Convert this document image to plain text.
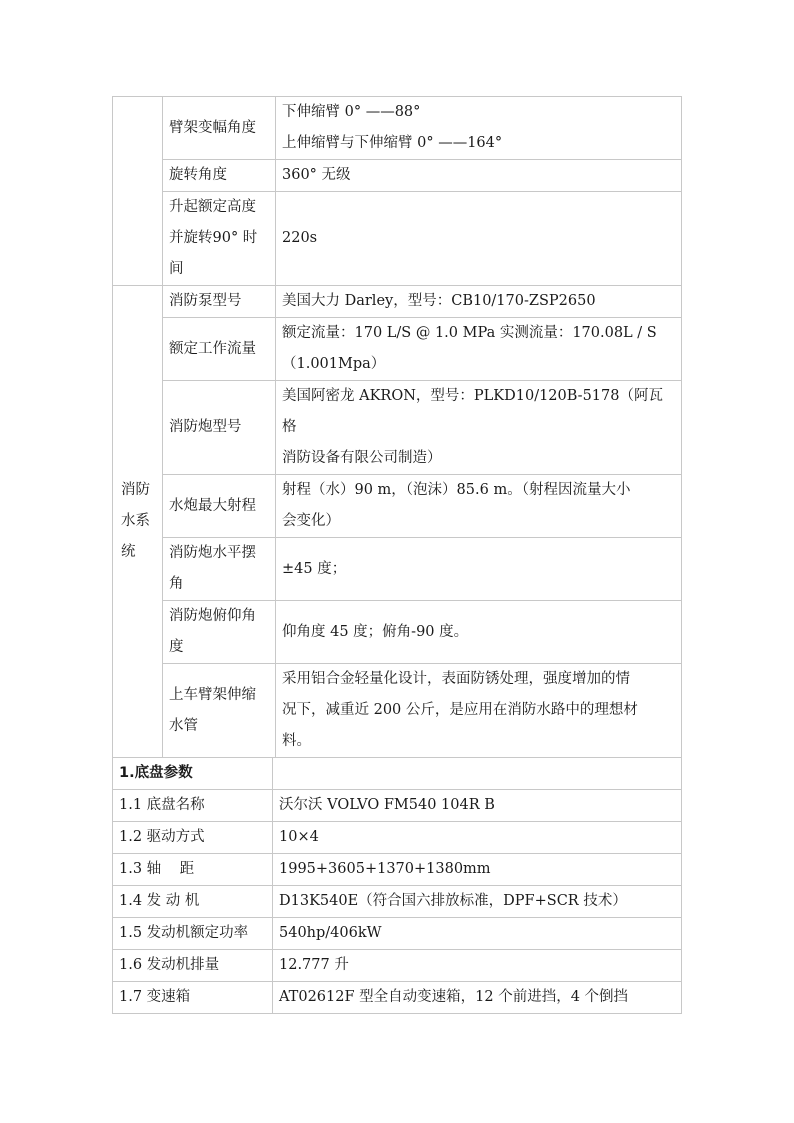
	臂架变幅角度	下伸缩臂 0° ——88°
上伸缩臂与下伸缩臂 0° ——164°

	旋转角度	360° 无级

	升起额定高度
并旋转90° 时
间	220s

消防
水系
统	消防泵型号	美国大力 Darley，型号：CB10/170-ZSP2650
	额定工作流量	额定流量：170 L/S @ 1.0 MPa 实测流量：170.08L / S
（1.001Mpa）

	消防炮型号	美国阿密龙 AKRON，型号：PLKD10/120B-5178（阿瓦格
消防设备有限公司制造）

	水炮最大射程	射程（水）90 m，（泡沫）85.6 m。（射程因流量大小
会变化）

	消防炮水平摆
角	±45 度；

	消防炮俯仰角
度	仰角度 45 度；俯角-90 度。

	上车臂架伸缩
水管	采用铝合金轻量化设计，表面防锈处理，强度增加的情
况下，减重近 200 公斤，是应用在消防水路中的理想材
料。
1.底盘参数	
1.1 底盘名称	沃尔沃 VOLVO FM540 104R B
1.2 驱动方式	10×4
1.3 轴    距	1995+3605+1370+1380mm
1.4 发 动 机	D13K540E（符合国六排放标准，DPF+SCR 技术）
1.5 发动机额定功率	540hp/406kW
1.6 发动机排量	12.777 升
1.7 变速箱	AT02612F 型全自动变速箱，12 个前进挡，4 个倒挡
